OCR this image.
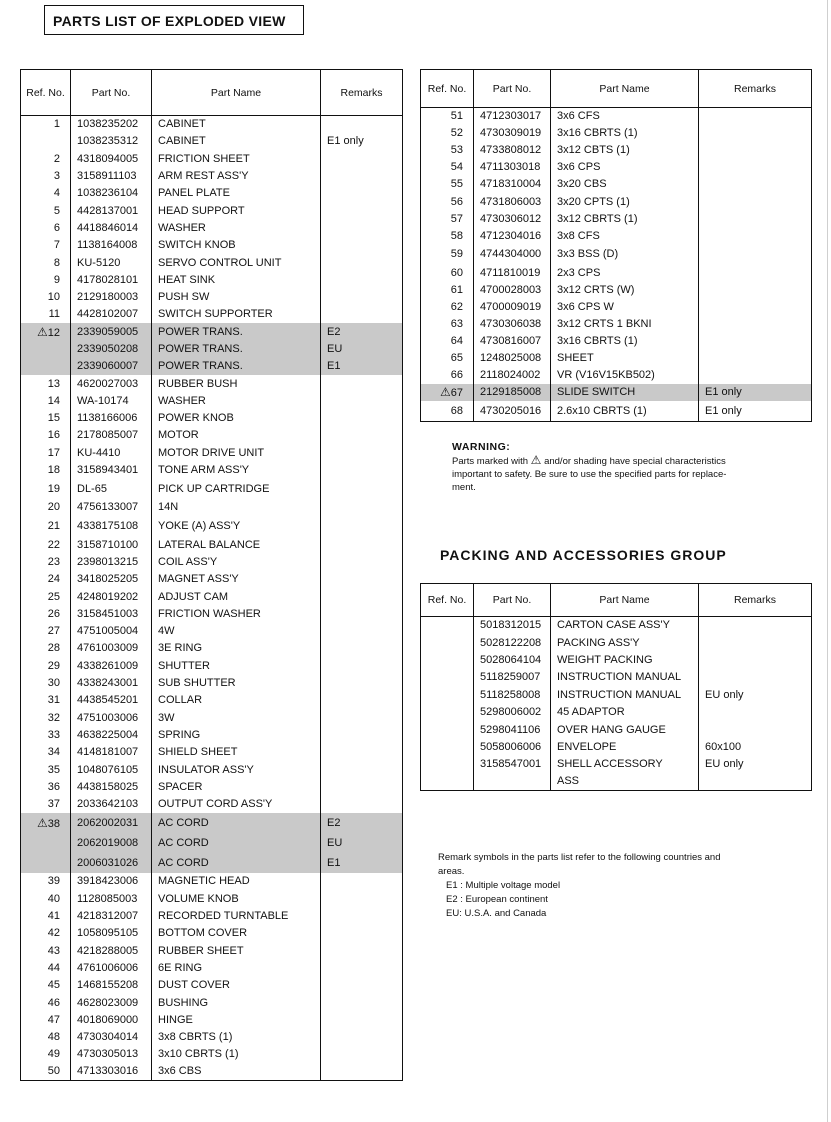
PARTS LIST OF EXPLODED VIEW
Ref. No.	Part No.	Part Name	Remarks
1	1038235202	CABINET	
	1038235312	CABINET	E1 only
2	4318094005	FRICTION SHEET	
3	3158911103	ARM REST ASS'Y	
4	1038236104	PANEL PLATE	
5	4428137001	HEAD SUPPORT	
6	4418846014	WASHER	
7	1138164008	SWITCH KNOB	
8	KU-5120	SERVO CONTROL UNIT	
9	4178028101	HEAT SINK	
10	2129180003	PUSH SW	
11	4428102007	SWITCH SUPPORTER	
⚠12	2339059005	POWER TRANS.	E2
	2339050208	POWER TRANS.	EU
	2339060007	POWER TRANS.	E1
13	4620027003	RUBBER BUSH	
14	WA-10174	WASHER	
15	1138166006	POWER KNOB	
16	2178085007	MOTOR	
17	KU-4410	MOTOR DRIVE UNIT	
18	3158943401	TONE ARM ASS'Y	
19	DL-65	PICK UP CARTRIDGE	
20	4756133007	14N	
21	4338175108	YOKE (A) ASS'Y	
22	3158710100	LATERAL BALANCE	
23	2398013215	COIL ASS'Y	
24	3418025205	MAGNET ASS'Y	
25	4248019202	ADJUST CAM	
26	3158451003	FRICTION WASHER	
27	4751005004	4W	
28	4761003009	3E RING	
29	4338261009	SHUTTER	
30	4338243001	SUB SHUTTER	
31	4438545201	COLLAR	
32	4751003006	3W	
33	4638225004	SPRING	
34	4148181007	SHIELD SHEET	
35	1048076105	INSULATOR ASS'Y	
36	4438158025	SPACER	
37	2033642103	OUTPUT CORD ASS'Y	
⚠38	2062002031	AC CORD	E2
	2062019008	AC CORD	EU
	2006031026	AC CORD	E1
39	3918423006	MAGNETIC HEAD	
40	1128085003	VOLUME KNOB	
41	4218312007	RECORDED TURNTABLE	
42	1058095105	BOTTOM COVER	
43	4218288005	RUBBER SHEET	
44	4761006006	6E RING	
45	1468155208	DUST COVER	
46	4628023009	BUSHING	
47	4018069000	HINGE	
48	4730304014	3x8 CBRTS (1)	
49	4730305013	3x10 CBRTS (1)	
50	4713303016	3x6 CBS	
Ref. No.	Part No.	Part Name	Remarks
51	4712303017	3x6 CFS	
52	4730309019	3x16 CBRTS (1)	
53	4733808012	3x12 CBTS (1)	
54	4711303018	3x6 CPS	
55	4718310004	3x20 CBS	
56	4731806003	3x20 CPTS (1)	
57	4730306012	3x12 CBRTS (1)	
58	4712304016	3x8 CFS	
59	4744304000	3x3 BSS (D)	
60	4711810019	2x3 CPS	
61	4700028003	3x12 CRTS (W)	
62	4700009019	3x6 CPS W	
63	4730306038	3x12 CRTS 1 BKNI	
64	4730816007	3x16 CBRTS (1)	
65	1248025008	SHEET	
66	2118024002	VR (V16V15KB502)	
⚠67	2129185008	SLIDE SWITCH	E1 only
68	4730205016	2.6x10 CBRTS (1)	E1 only
WARNING:
Parts marked with ⚠ and/or shading have special characteristics
important to safety. Be sure to use the specified parts for replace-
ment.
PACKING AND ACCESSORIES GROUP
Ref. No.	Part No.	Part Name	Remarks
	5018312015	CARTON CASE ASS'Y	
	5028122208	PACKING ASS'Y	
	5028064104	WEIGHT PACKING	
	5118259007	INSTRUCTION MANUAL	
	5118258008	INSTRUCTION MANUAL	EU only
	5298006002	45 ADAPTOR	
	5298041106	OVER HANG GAUGE	
	5058006006	ENVELOPE	60x100
	3158547001	SHELL ACCESSORY	EU only
		ASS	
Remark symbols in the parts list refer to the following countries and
areas.
E1 : Multiple voltage model
E2 : European continent
EU: U.S.A. and Canada
